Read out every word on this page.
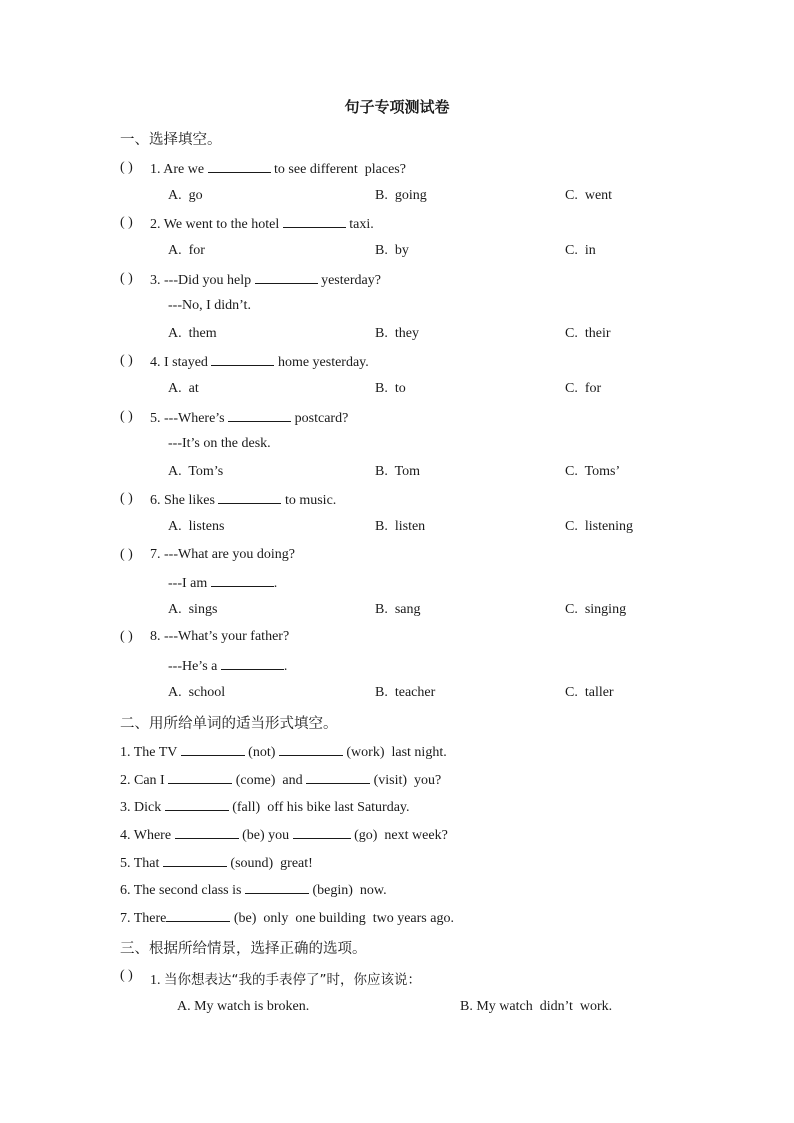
句子专项测试卷
一、选择填空。
( ) 1. Are we	to see different  places?
A.  go	B.  going	C.  went
( ) 2. We went to the hotel	taxi.
A.  for	B.  by	C.  in
( ) 3. ---Did you help	yesterday?
---No, I didn’t.
A.  them	B.  they	C.  their
( ) 4. I stayed	home yesterday.
A.  at	B.  to	C.  for
( ) 5. ---Where’s	postcard?
---It’s on the desk.
A.  Tom’s	B.  Tom	C.  Toms’
( ) 6. She likes	to music.
A.  listens	B.  listen	C.  listening
( ) 7. ---What are you doing?
---I am	.
A.  sings	B.  sang	C.  singing
( ) 8. ---What’s your father?
---He’s a	.
A.  school	B.  teacher	C.  taller
二、用所给单词的适当形式填空。
1. The TV	(not)	(work)  last night.
2. Can I	(come)  and	(visit)  you?
3. Dick	(fall)  off his bike last Saturday.
4. Where	(be) you	(go)  next week?
5. That	(sound)  great!
6. The second class is	(begin)  now.
7. There	(be)  only  one building  two years ago.
三、根据所给情景，选择正确的选项。
( ) 1. 当你想表达“我的手表停了”时，你应该说：
A. My watch is broken.	B. My watch  didn’t  work.
